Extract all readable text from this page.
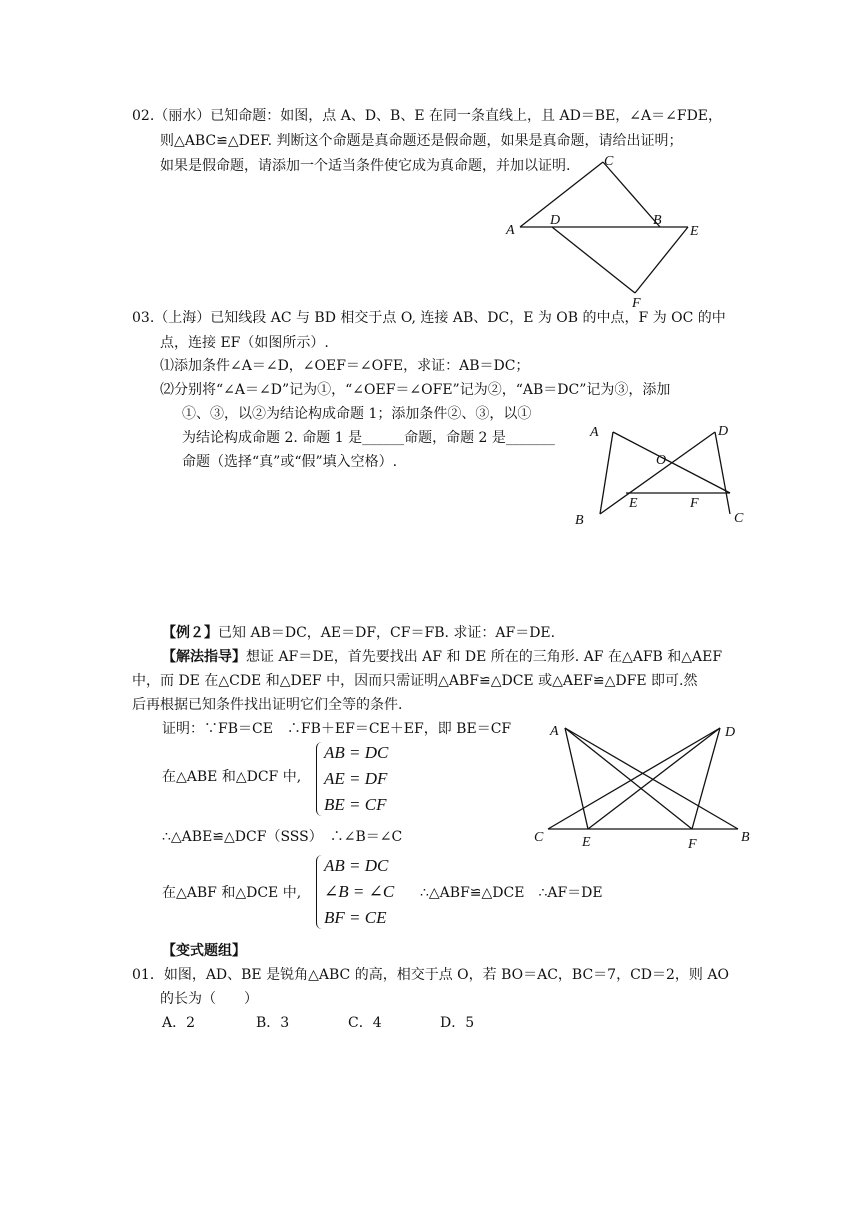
02.（丽水）已知命题：如图，点 A、D、B、E 在同一条直线上，且 AD＝BE，∠A＝∠FDE，
则△ABC≌△DEF. 判断这个命题是真命题还是假命题，如果是真命题，请给出证明；
如果是假命题，请添加一个适当条件使它成为真命题，并加以证明.
A
D	B
E
C
F
03.（上海）已知线段 AC 与 BD 相交于点 O, 连接 AB、DC，E 为 OB 的中点，F 为 OC 的中
点，连接 EF（如图所示）.
⑴添加条件∠A＝∠D，∠OEF＝∠OFE，求证：AB＝DC；
⑵分别将“∠A＝∠D”记为①，“∠OEF＝∠OFE”记为②，“AB＝DC”记为③，添加
①、③，以②为结论构成命题 1；添加条件②、③，以①
为结论构成命题 2. 命题 1 是______命题，命题 2 是_______
命题（选择“真”或“假”填入空格）.
A	D
O
E	F
B	C
【例２】已知 AB＝DC，AE＝DF，CF＝FB. 求证：AF＝DE.
【解法指导】想证 AF＝DE，首先要找出 AF 和 DE 所在的三角形. AF 在△AFB 和△AEF
中，而 DE 在△CDE 和△DEF 中，因而只需证明△ABF≌△DCE 或△AEF≌△DFE 即可.然
后再根据已知条件找出证明它们全等的条件.
证明：∵FB＝CE　∴FB＋EF＝CE＋EF，即 BE＝CF
在△ABE 和△DCF 中,
AB = DC
AE = DF
BE = CF
∴△ABE≌△DCF（SSS）　∴∠B＝∠C
在△ABF 和△DCE 中,
AB = DC
∠B = ∠C
BF = CE
∴△ABF≌△DCE　∴AF＝DE
A	D
C	E	F	B
【变式题组】
01．如图，AD、BE 是锐角△ABC 的高，相交于点 O，若 BO＝AC，BC＝7，CD＝2，则 AO
的长为（　　）
A．2	B．3	C．4	D．5
